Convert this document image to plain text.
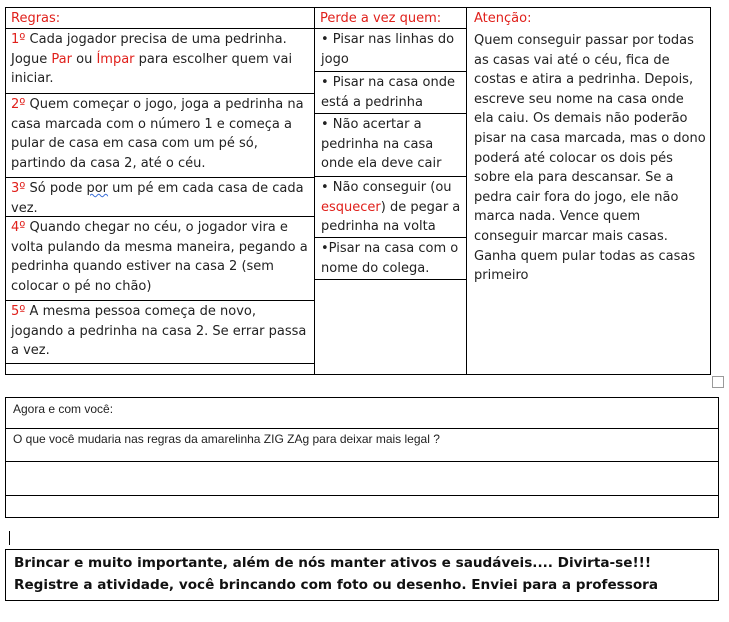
Regras:
1º Cada jogador precisa de uma pedrinha. Jogue Par ou Ímpar para escolher quem vai iniciar.
2º Quem começar o jogo, joga a pedrinha na casa marcada com o número 1 e começa a pular de casa em casa com um pé só, partindo da casa 2, até o céu.
3º Só pode por um pé em cada casa de cada vez.
4º Quando chegar no céu, o jogador vira e volta pulando da mesma maneira, pegando a pedrinha quando estiver na casa 2 (sem colocar o pé no chão)
5º A mesma pessoa começa de novo, jogando a pedrinha na casa 2. Se errar passa a vez.
Perde a vez quem:
• Pisar nas linhas do jogo
• Pisar na casa onde está a pedrinha
• Não acertar a pedrinha na casa onde ela deve cair
• Não conseguir (ou esquecer) de pegar a pedrinha na volta
•Pisar na casa com o nome do colega.
Atenção:
Quem conseguir passar por todas as casas vai até o céu, fica de costas e atira a pedrinha. Depois, escreve seu nome na casa onde ela caiu. Os demais não poderão pisar na casa marcada, mas o dono poderá até colocar os dois pés sobre ela para descansar. Se a pedra cair fora do jogo, ele não marca nada. Vence quem conseguir marcar mais casas.
Ganha quem pular todas as casas primeiro
Agora e com você:
O que você mudaria nas regras da amarelinha ZIG ZAg para deixar mais legal ?
Brincar e muito importante, além de nós manter ativos e saudáveis.... Divirta-se!!!
Registre a atividade, você brincando com foto ou desenho. Enviei para a professora
